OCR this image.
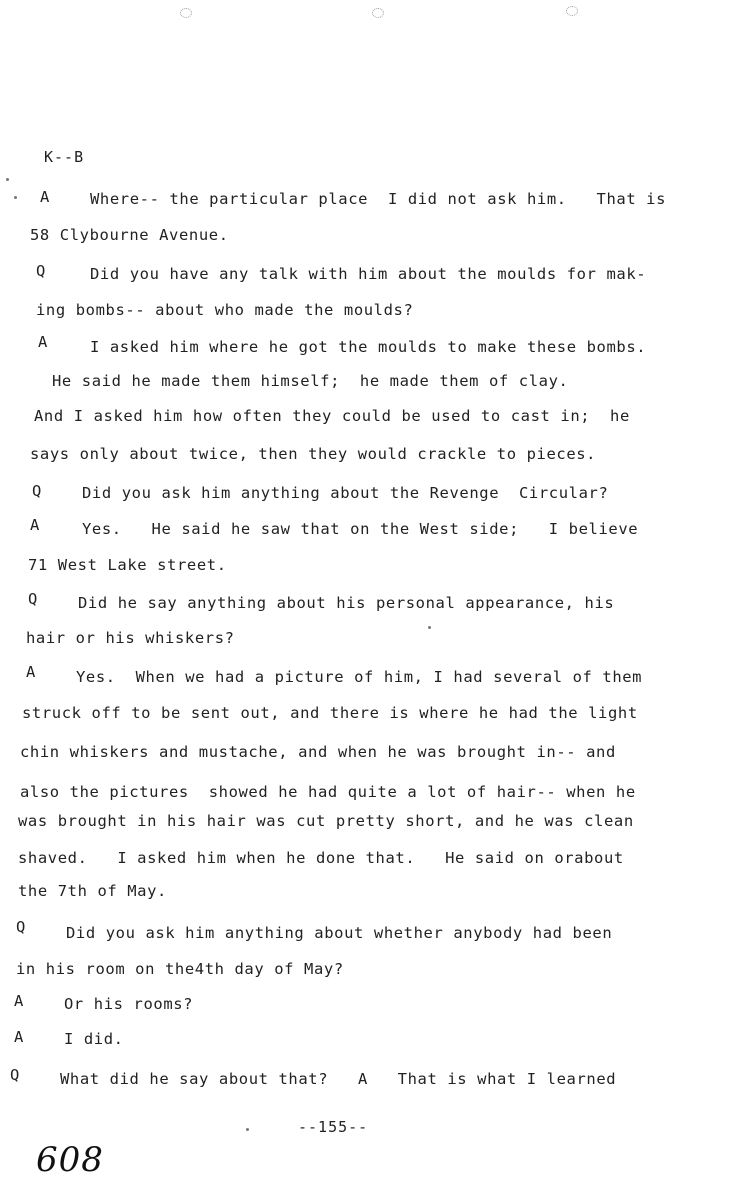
K--B
A	Where-- the particular place  I did not ask him.   That is
58 Clybourne Avenue.
Q	Did you have any talk with him about the moulds for mak-
ing bombs-- about who made the moulds?
A	I asked him where he got the moulds to make these bombs.
He said he made them himself;  he made them of clay.
And I asked him how often they could be used to cast in;  he
says only about twice, then they would crackle to pieces.
Q	Did you ask him anything about the Revenge  Circular?
A	Yes.   He said he saw that on the West side;   I believe
71 West Lake street.
Q	Did he say anything about his personal appearance, his
hair or his whiskers?
A	Yes.  When we had a picture of him, I had several of them
struck off to be sent out, and there is where he had the light
chin whiskers and mustache, and when he was brought in-- and
also the pictures  showed he had quite a lot of hair-- when he
was brought in his hair was cut pretty short, and he was clean
shaved.   I asked him when he done that.   He said on orabout
the 7th of May.
Q	Did you ask him anything about whether anybody had been
in his room on the4th day of May?
A	Or his rooms?
A	I did.
Q	What did he say about that?   A   That is what I learned
--155--
608
